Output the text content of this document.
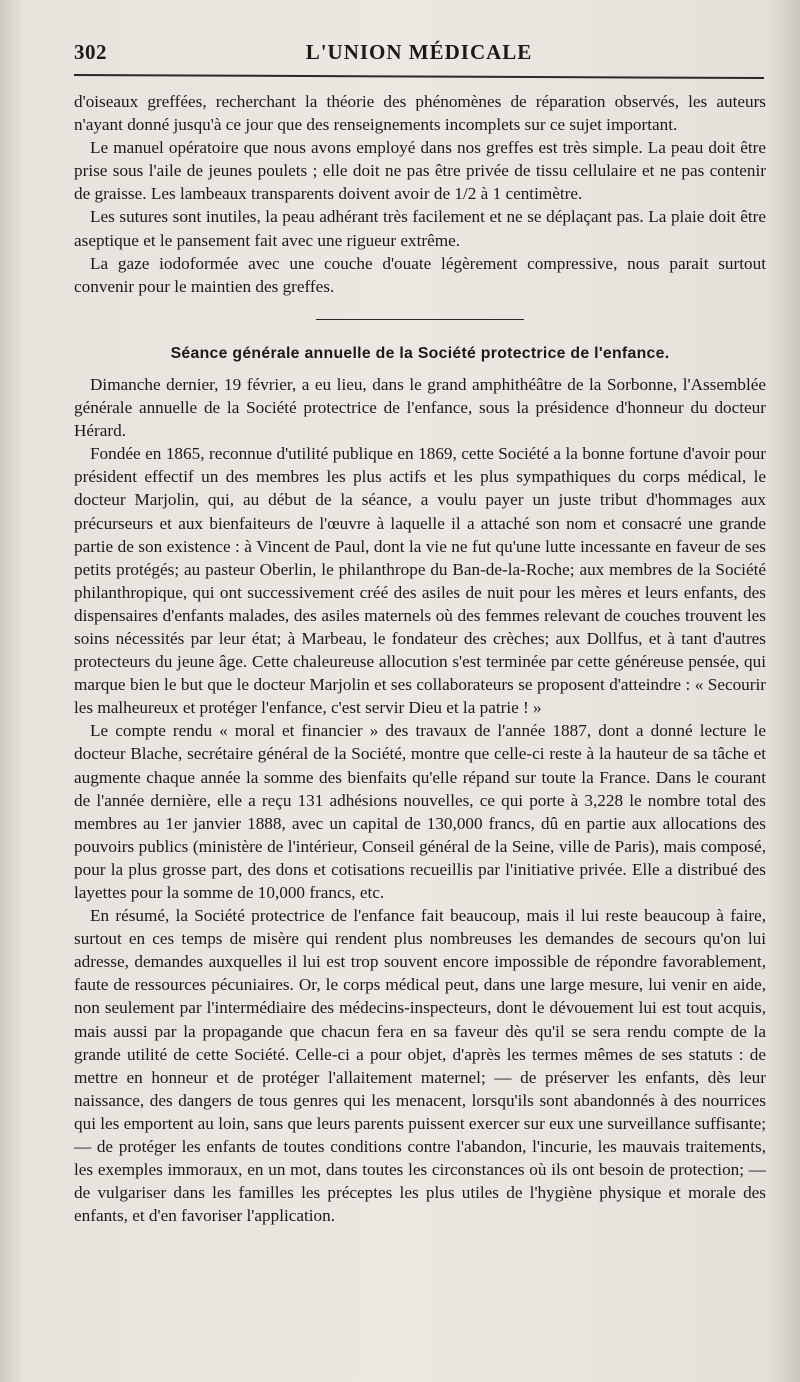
302	L'UNION MÉDICALE

d'oiseaux greffées, recherchant la théorie des phénomènes de réparation observés, les auteurs n'ayant donné jusqu'à ce jour que des renseignements incomplets sur ce sujet important.

Le manuel opératoire que nous avons employé dans nos greffes est très simple. La peau doit être prise sous l'aile de jeunes poulets ; elle doit ne pas être privée de tissu cellulaire et ne pas contenir de graisse. Les lambeaux transparents doivent avoir de 1/2 à 1 centimètre.

Les sutures sont inutiles, la peau adhérant très facilement et ne se déplaçant pas. La plaie doit être aseptique et le pansement fait avec une rigueur extrême.

La gaze iodoformée avec une couche d'ouate légèrement compressive, nous parait surtout convenir pour le maintien des greffes.

Séance générale annuelle de la Société protectrice de l'enfance.

Dimanche dernier, 19 février, a eu lieu, dans le grand amphithéâtre de la Sorbonne, l'Assemblée générale annuelle de la Société protectrice de l'enfance, sous la présidence d'honneur du docteur Hérard.

Fondée en 1865, reconnue d'utilité publique en 1869, cette Société a la bonne fortune d'avoir pour président effectif un des membres les plus actifs et les plus sympathiques du corps médical, le docteur Marjolin, qui, au début de la séance, a voulu payer un juste tribut d'hommages aux précurseurs et aux bienfaiteurs de l'œuvre à laquelle il a attaché son nom et consacré une grande partie de son existence : à Vincent de Paul, dont la vie ne fut qu'une lutte incessante en faveur de ses petits protégés; au pasteur Oberlin, le philanthrope du Ban-de-la-Roche; aux membres de la Société philanthropique, qui ont successivement créé des asiles de nuit pour les mères et leurs enfants, des dispensaires d'enfants malades, des asiles maternels où des femmes relevant de couches trouvent les soins nécessités par leur état; à Marbeau, le fondateur des crèches; aux Dollfus, et à tant d'autres protecteurs du jeune âge. Cette chaleureuse allocution s'est terminée par cette généreuse pensée, qui marque bien le but que le docteur Marjolin et ses collaborateurs se proposent d'atteindre : « Secourir les malheureux et protéger l'enfance, c'est servir Dieu et la patrie ! »

Le compte rendu « moral et financier » des travaux de l'année 1887, dont a donné lecture le docteur Blache, secrétaire général de la Société, montre que celle-ci reste à la hauteur de sa tâche et augmente chaque année la somme des bienfaits qu'elle répand sur toute la France. Dans le courant de l'année dernière, elle a reçu 131 adhésions nouvelles, ce qui porte à 3,228 le nombre total des membres au 1er janvier 1888, avec un capital de 130,000 francs, dû en partie aux allocations des pouvoirs publics (ministère de l'intérieur, Conseil général de la Seine, ville de Paris), mais composé, pour la plus grosse part, des dons et cotisations recueillis par l'initiative privée. Elle a distribué des layettes pour la somme de 10,000 francs, etc.

En résumé, la Société protectrice de l'enfance fait beaucoup, mais il lui reste beaucoup à faire, surtout en ces temps de misère qui rendent plus nombreuses les demandes de secours qu'on lui adresse, demandes auxquelles il lui est trop souvent encore impossible de répondre favorablement, faute de ressources pécuniaires. Or, le corps médical peut, dans une large mesure, lui venir en aide, non seulement par l'intermédiaire des médecins-inspecteurs, dont le dévouement lui est tout acquis, mais aussi par la propagande que chacun fera en sa faveur dès qu'il se sera rendu compte de la grande utilité de cette Société. Celle-ci a pour objet, d'après les termes mêmes de ses statuts : de mettre en honneur et de protéger l'allaitement maternel; — de préserver les enfants, dès leur naissance, des dangers de tous genres qui les menacent, lorsqu'ils sont abandonnés à des nourrices qui les emportent au loin, sans que leurs parents puissent exercer sur eux une surveillance suffisante; — de protéger les enfants de toutes conditions contre l'abandon, l'incurie, les mauvais traitements, les exemples immoraux, en un mot, dans toutes les circonstances où ils ont besoin de protection; — de vulgariser dans les familles les préceptes les plus utiles de l'hygiène physique et morale des enfants, et d'en favoriser l'application.
